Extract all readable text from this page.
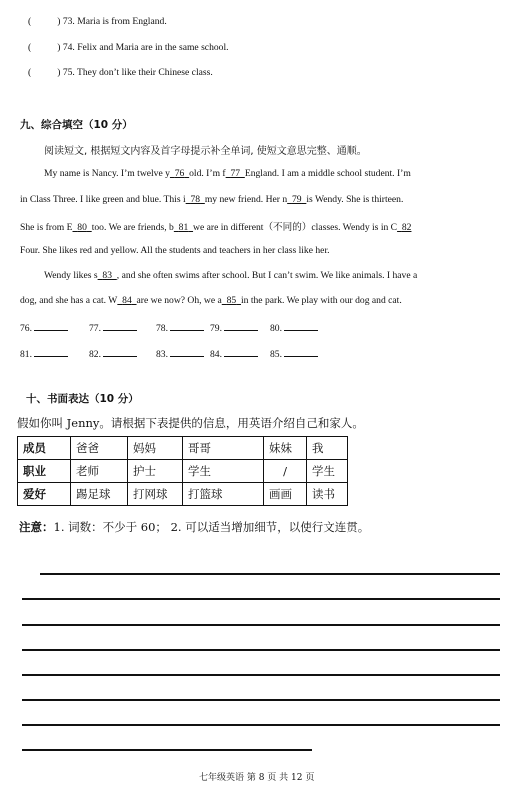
(	) 73. Maria is from England.
(	) 74. Felix and Maria are in the same school.
(	) 75. They don’t like their Chinese class.
九、综合填空（10 分）
阅读短文, 根据短文内容及首字母提示补全单词, 使短文意思完整、通顺。
My name is Nancy. I’m twelve y 76 old. I’m f 77 England. I am a middle school student. I’m
in Class Three. I like green and blue. This i 78 my new friend. Her n 79 is Wendy. She is thirteen.
She is from E 80 too. We are friends, b 81 we are in different（不同的）classes. Wendy is in C 82
Four. She likes red and yellow. All the students and teachers in her class like her.
Wendy likes s 83 , and she often swims after school. But I can’t swim. We like animals. I have a
dog, and she has a cat. W 84 are we now? Oh, we a 85 in the park. We play with our dog and cat.
76.	77.	78.	79.	80.
81.	82.	83.	84.	85.
十、书面表达（10 分）
假如你叫 Jenny。请根据下表提供的信息，用英语介绍自己和家人。
成员	爸爸	妈妈	哥哥	妹妹	我
职业	老师	护士	学生	/	学生
爱好	踢足球	打网球	打篮球	画画	读书
注意：1. 词数：不少于 60； 2. 可以适当增加细节，以使行文连贯。
七年级英语 第 8 页 共 12 页
